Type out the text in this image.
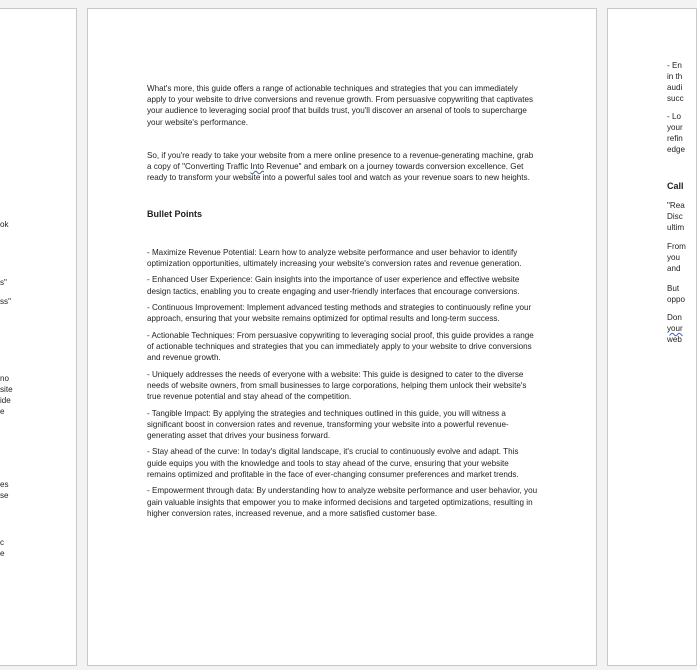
ok
s"
ss"
no
site
ide
e
es
se
c
e

What's more, this guide offers a range of actionable techniques and strategies that you can immediately apply to your website to drive conversions and revenue growth. From persuasive copywriting that captivates your audience to leveraging social proof that builds trust, you'll discover an arsenal of tools to supercharge your website's performance.

So, if you're ready to take your website from a mere online presence to a revenue-generating machine, grab a copy of "Converting Traffic Into Revenue" and embark on a journey towards conversion excellence. Get ready to transform your website into a powerful sales tool and watch as your revenue soars to new heights.

Bullet Points

- Maximize Revenue Potential: Learn how to analyze website performance and user behavior to identify optimization opportunities, ultimately increasing your website's conversion rates and revenue generation.

- Enhanced User Experience: Gain insights into the importance of user experience and effective website design tactics, enabling you to create engaging and user-friendly interfaces that encourage conversions.

- Continuous Improvement: Implement advanced testing methods and strategies to continuously refine your approach, ensuring that your website remains optimized for optimal results and long-term success.

- Actionable Techniques: From persuasive copywriting to leveraging social proof, this guide provides a range of actionable techniques and strategies that you can immediately apply to your website to drive conversions and revenue growth.

- Uniquely addresses the needs of everyone with a website: This guide is designed to cater to the diverse needs of website owners, from small businesses to large corporations, helping them unlock their website's true revenue potential and stay ahead of the competition.

- Tangible Impact: By applying the strategies and techniques outlined in this guide, you will witness a significant boost in conversion rates and revenue, transforming your website into a powerful revenue-generating asset that drives your business forward.

- Stay ahead of the curve: In today's digital landscape, it's crucial to continuously evolve and adapt. This guide equips you with the knowledge and tools to stay ahead of the curve, ensuring that your website remains optimized and profitable in the face of ever-changing consumer preferences and market trends.

- Empowerment through data: By understanding how to analyze website performance and user behavior, you gain valuable insights that empower you to make informed decisions and targeted optimizations, resulting in higher conversion rates, increased revenue, and a more satisfied customer base.

- En
in th
audi
succ
- Lo
your
refin
edge
Call
"Rea
Disc
ultim
From
you
and
But
oppo
Don
your
web
